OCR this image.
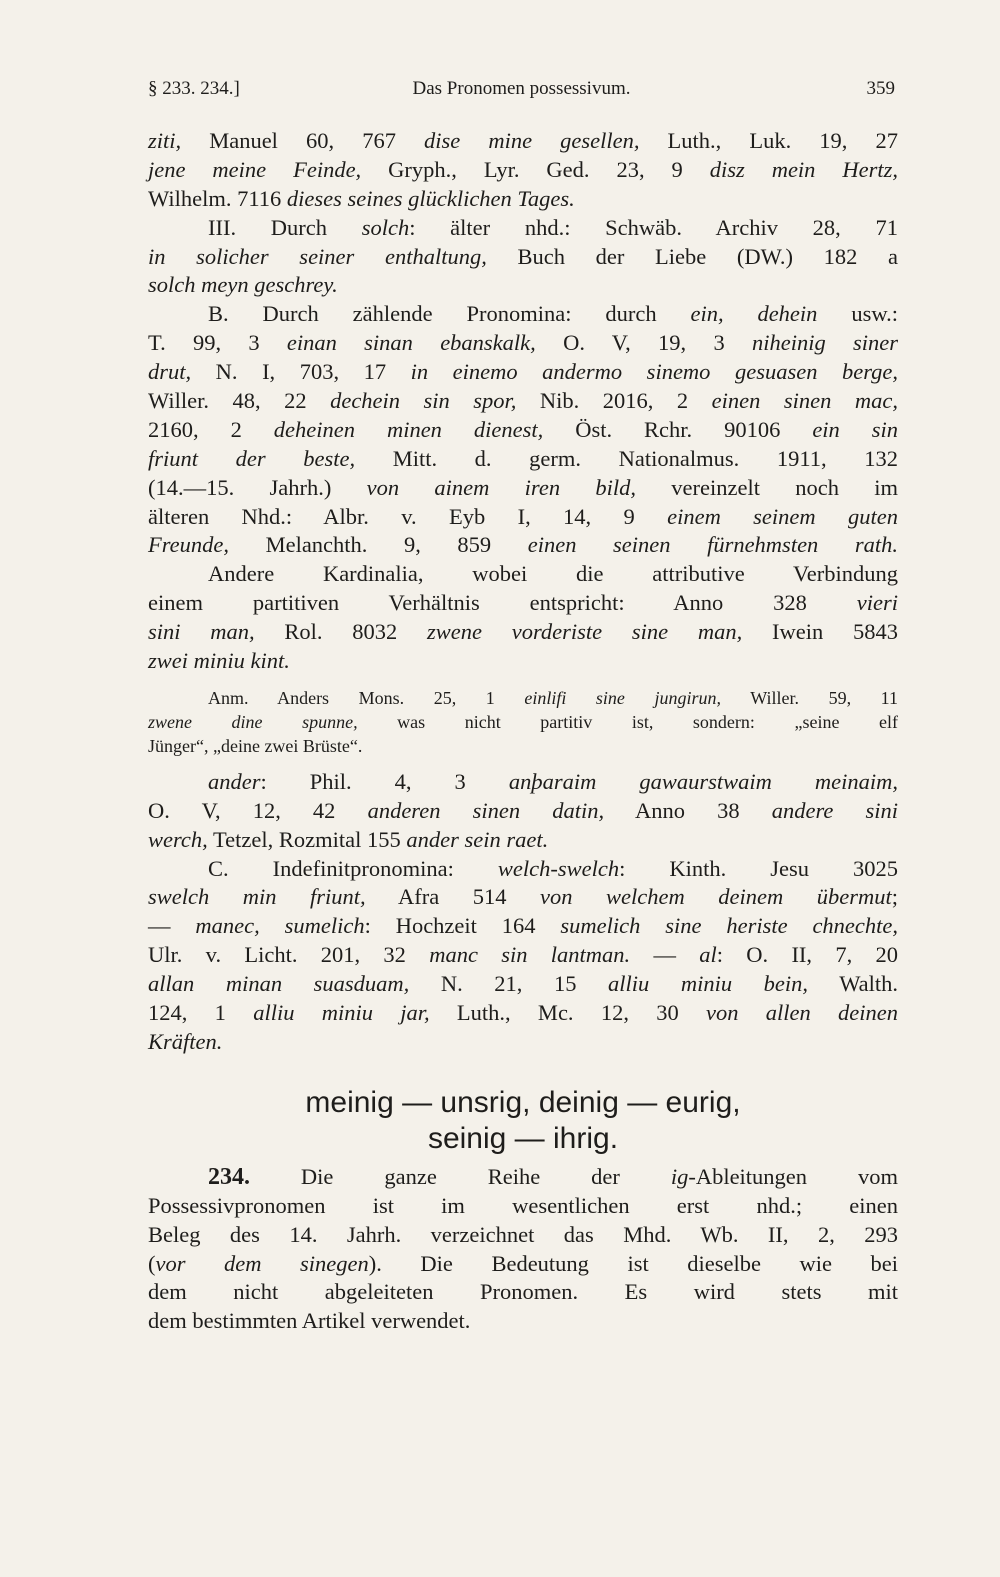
§ 233. 234.]	Das Pronomen possessivum.	359
ziti, Manuel 60, 767 dise mine gesellen, Luth., Luk. 19, 27
jene meine Feinde, Gryph., Lyr. Ged. 23, 9 disz mein Hertz,
Wilhelm. 7116 dieses seines glücklichen Tages.
III. Durch solch: älter nhd.: Schwäb. Archiv 28, 71
in solicher seiner enthaltung, Buch der Liebe (DW.) 182 a
solch meyn geschrey.
B. Durch zählende Pronomina: durch ein, dehein usw.:
T. 99, 3 einan sinan ebanskalk, O. V, 19, 3 niheinig siner
drut, N. I, 703, 17 in einemo andermo sinemo gesuasen berge,
Willer. 48, 22 dechein sin spor, Nib. 2016, 2 einen sinen mac,
2160, 2 deheinen minen dienest, Öst. Rchr. 90106 ein sin
friunt der beste, Mitt. d. germ. Nationalmus. 1911, 132
(14.—15. Jahrh.) von ainem iren bild, vereinzelt noch im
älteren Nhd.: Albr. v. Eyb I, 14, 9 einem seinem guten
Freunde, Melanchth. 9, 859 einen seinen fürnehmsten rath.
Andere Kardinalia, wobei die attributive Verbindung
einem partitiven Verhältnis entspricht: Anno 328 vieri
sini man, Rol. 8032 zwene vorderiste sine man, Iwein 5843
zwei miniu kint.
Anm. Anders Mons. 25, 1 einlifi sine jungirun, Willer. 59, 11
zwene dine spunne, was nicht partitiv ist, sondern: „seine elf
Jünger“, „deine zwei Brüste“.
ander: Phil. 4, 3 anþaraim gawaurstwaim meinaim,
O. V, 12, 42 anderen sinen datin, Anno 38 andere sini
werch, Tetzel, Rozmital 155 ander sein raet.
C. Indefinitpronomina: welch-swelch: Kinth. Jesu 3025
swelch min friunt, Afra 514 von welchem deinem übermut;
— manec, sumelich: Hochzeit 164 sumelich sine heriste chnechte,
Ulr. v. Licht. 201, 32 manc sin lantman. — al: O. II, 7, 20
allan minan suasduam, N. 21, 15 alliu miniu bein, Walth.
124, 1 alliu miniu jar, Luth., Mc. 12, 30 von allen deinen
Kräften.
meinig — unsrig, deinig — eurig,
seinig — ihrig.
234. Die ganze Reihe der ig-Ableitungen vom
Possessivpronomen ist im wesentlichen erst nhd.; einen
Beleg des 14. Jahrh. verzeichnet das Mhd. Wb. II, 2, 293
(vor dem sinegen). Die Bedeutung ist dieselbe wie bei
dem nicht abgeleiteten Pronomen. Es wird stets mit
dem bestimmten Artikel verwendet.
